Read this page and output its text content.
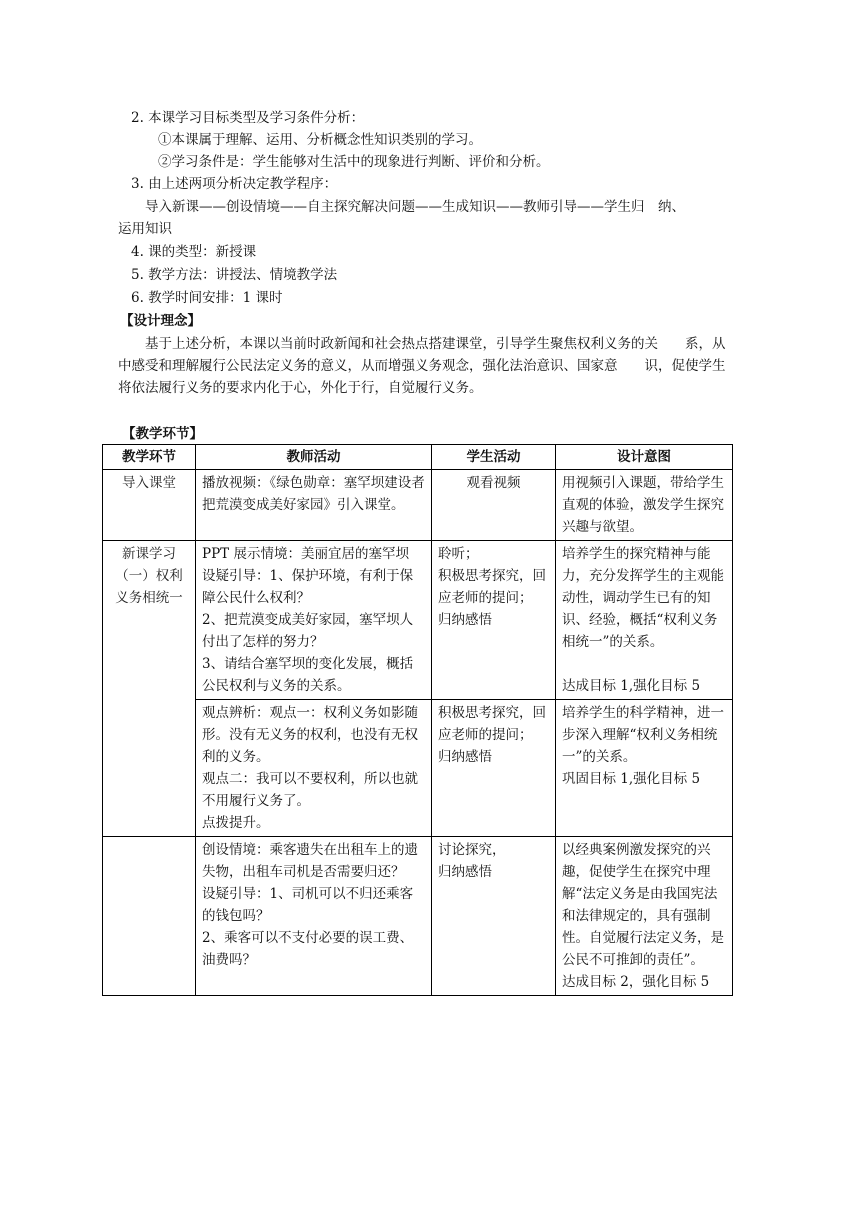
2. 本课学习目标类型及学习条件分析：
①本课属于理解、运用、分析概念性知识类别的学习。
②学习条件是：学生能够对生活中的现象进行判断、评价和分析。
3. 由上述两项分析决定教学程序：
导入新课——创设情境——自主探究解决问题——生成知识——教师引导——学生归　纳、
运用知识
4. 课的类型：新授课
5. 教学方法：讲授法、情境教学法
6. 教学时间安排：1 课时
【设计理念】

基于上述分析，本课以当前时政新闻和社会热点搭建课堂，引导学生聚焦权利义务的关　　系，从中感受和理解履行公民法定义务的意义，从而增强义务观念，强化法治意识、国家意　　识，促使学生将依法履行义务的要求内化于心，外化于行，自觉履行义务。

【教学环节】
教学环节	教师活动	学生活动	设计意图
导入课堂	播放视频：《绿色勋章：塞罕坝建设者把荒漠变成美好家园》引入课堂。	观看视频	用视频引入课题，带给学生直观的体验，激发学生探究兴趣与欲望。

新课学习（一）权利义务相统一	PPT 展示情境：美丽宜居的塞罕坝
设疑引导：1、保护环境，有利于保障公民什么权利？
2、把荒漠变成美好家园，塞罕坝人付出了怎样的努力？
3、请结合塞罕坝的变化发展，概括公民权利与义务的关系。	聆听；
积极思考探究，回应老师的提问；
归纳感悟	培养学生的探究精神与能力，充分发挥学生的主观能动性，调动学生已有的知识、经验，概括“权利义务相统一”的关系。
达成目标 1,强化目标 5

	观点辨析：观点一：权利义务如影随形。没有无义务的权利，也没有无权利的义务。
观点二：我可以不要权利，所以也就不用履行义务了。
点拨提升。	积极思考探究，回应老师的提问；
归纳感悟	培养学生的科学精神，进一步深入理解“权利义务相统一”的关系。
巩固目标 1,强化目标 5

	创设情境：乘客遗失在出租车上的遗失物，出租车司机是否需要归还？
设疑引导：1、司机可以不归还乘客的钱包吗？
2、乘客可以不支付必要的误工费、油费吗？	讨论探究，
归纳感悟	以经典案例激发探究的兴趣，促使学生在探究中理解“法定义务是由我国宪法和法律规定的，具有强制性。自觉履行法定义务，是公民不可推卸的责任”。
达成目标 2，强化目标 5
